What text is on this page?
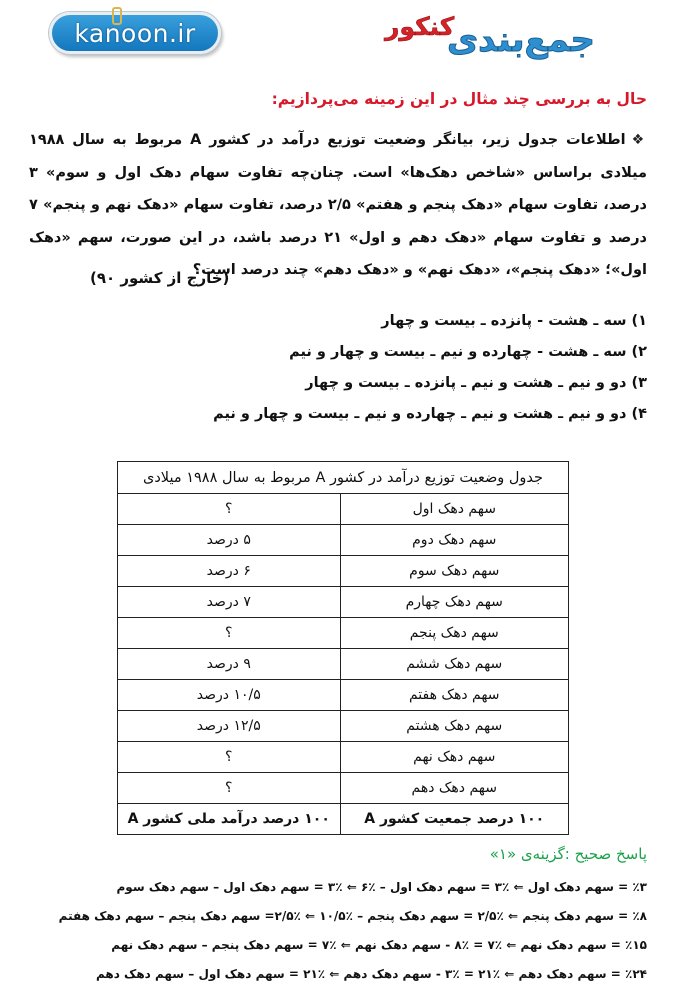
kanoon.ir	جمع‌بندی
کنکور
حال به بررسی چند مثال در این زمینه می‌پردازیم:
❖اطلاعات جدول زیر، بیانگر وضعیت توزیع درآمد در کشور A مربوط به سال ۱۹۸۸ میلادی براساس «شاخص دهک‌ها» است. چنان‌چه تفاوت سهام دهک اول و سوم» ۳ درصد، تفاوت سهام «دهک پنجم و هفتم» ۲/۵ درصد، تفاوت سهام «دهک نهم و پنجم» ۷ درصد و تفاوت سهام «دهک دهم و اول» ۲۱ درصد باشد، در این صورت، سهم «دهک اول»؛ «دهک پنجم»، «دهک نهم» و «دهک دهم» چند درصد است؟
(خارج از کشور ۹۰)
۱) سه ـ هشت - پانزده ـ بیست و چهار
۲) سه ـ هشت - چهارده و نیم ـ بیست و چهار و نیم
۳) دو و نیم ـ هشت و نیم ـ پانزده ـ بیست و چهار
۴) دو و نیم ـ هشت و نیم ـ چهارده و نیم ـ بیست و چهار و نیم
جدول وضعیت توزیع درآمد در کشور A مربوط به سال ۱۹۸۸ میلادی	
سهم دهک اول	؟
سهم دهک دوم	۵ درصد
سهم دهک سوم	۶ درصد
سهم دهک چهارم	۷ درصد
سهم دهک پنجم	؟
سهم دهک ششم	۹ درصد
سهم دهک هفتم	۱۰/۵ درصد
سهم دهک هشتم	۱۲/۵ درصد
سهم دهک نهم	؟
سهم دهک دهم	؟
۱۰۰ درصد جمعیت کشور A	۱۰۰ درصد درآمد ملی کشور A
پاسخ صحیح :گزینه‌ی «۱»
٪۳ = سهم دهک اول ⇐ ٪۳ = سهم دهک اول – ٪۶ ⇐ ٪۳ = سهم دهک اول – سهم دهک سوم
٪۸ = سهم دهک پنجم ⇐ ٪۲/۵ = سهم دهک پنجم – ٪۱۰/۵ ⇐ ٪۲/۵= سهم دهک پنجم – سهم دهک هفتم
٪۱۵ = سهم دهک نهم ⇐ ٪۷ = ٪۸ - سهم دهک نهم ⇐ ٪۷ = سهم دهک پنجم – سهم دهک نهم
٪۲۴ = سهم دهک دهم ⇐ ٪۲۱ = ٪۳ - سهم دهک دهم ⇐ ٪۲۱ = سهم دهک اول – سهم دهک دهم
